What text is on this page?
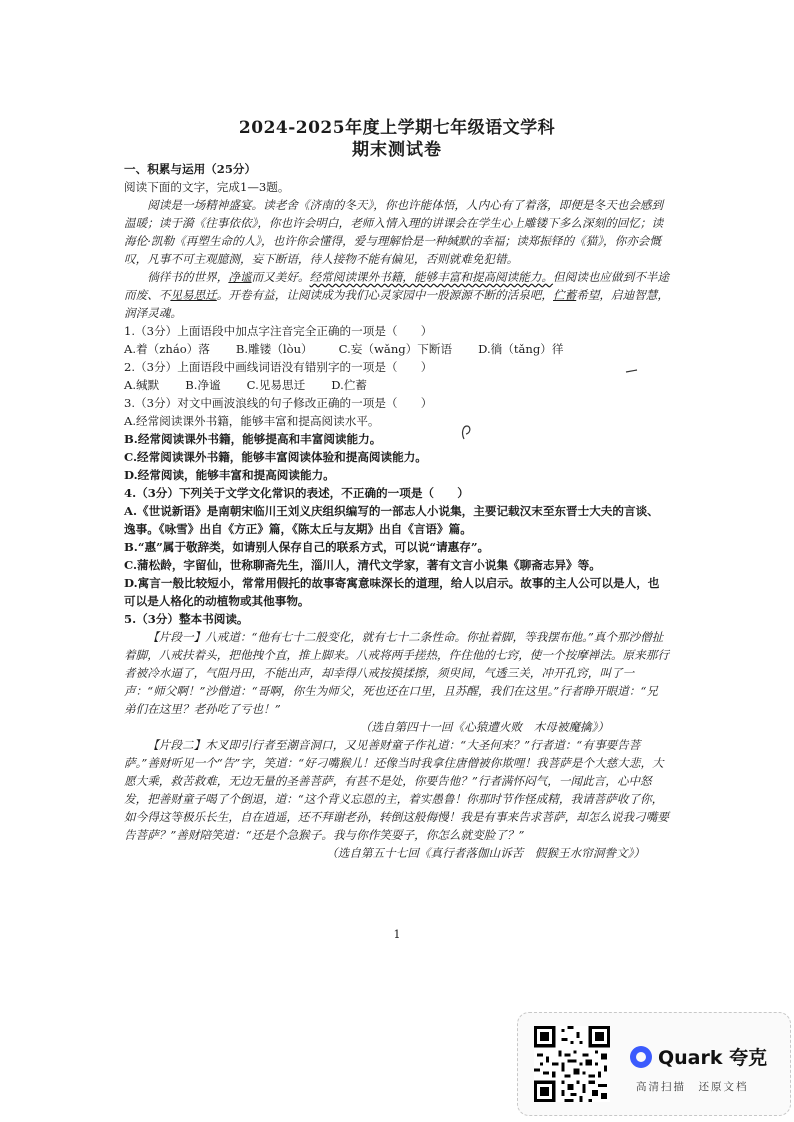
2024-2025年度上学期七年级语文学科
期末测试卷

一、积累与运用（25分）

阅读下面的文字，完成1—3题。

阅读是一场精神盛宴。读老舍《济南的冬天》，你也许能体悟，人内心有了着落，即便是冬天也会感到温暖；读于漪《往事依依》，你也许会明白，老师入情入理的讲课会在学生心上雕镂下多么深刻的回忆；读海伦·凯勒《再塑生命的人》，也许你会懂得，爱与理解恰是一种缄默的幸福；读郑振铎的《猫》，你亦会慨叹，凡事不可主观臆测，妄下断语，待人接物不能有偏见，否则就难免犯错。

徜徉书的世界，净谧而又美好。经常阅读课外书籍，能够丰富和提高阅读能力。但阅读也应做到不半途而废、不见易思迁。开卷有益，让阅读成为我们心灵家园中一股源源不断的活泉吧，伫蓄希望，启迪智慧，润泽灵魂。

1.（3分）上面语段中加点字注音完全正确的一项是（　　）

A.着（zháo）落 B.雕镂（lòu） C.妄（wǎng）下断语 D.徜（tǎng）徉

2.（3分）上面语段中画线词语没有错别字的一项是（　　）

A.缄默 B.净谧 C.见易思迁 D.伫蓄

3.（3分）对文中画波浪线的句子修改正确的一项是（　　）

A.经常阅读课外书籍，能够丰富和提高阅读水平。

B.经常阅读课外书籍，能够提高和丰富阅读能力。

C.经常阅读课外书籍，能够丰富阅读体验和提高阅读能力。

D.经常阅读，能够丰富和提高阅读能力。

4.（3分）下列关于文学文化常识的表述，不正确的一项是（　　）

A.《世说新语》是南朝宋临川王刘义庆组织编写的一部志人小说集，主要记载汉末至东晋士大夫的言谈、逸事。《咏雪》出自《方正》篇，《陈太丘与友期》出自《言语》篇。

B.“惠”属于敬辞类，如请别人保存自己的联系方式，可以说“请惠存”。

C.蒲松龄，字留仙，世称聊斋先生，淄川人，清代文学家，著有文言小说集《聊斋志异》等。

D.寓言一般比较短小，常常用假托的故事寄寓意味深长的道理，给人以启示。故事的主人公可以是人，也可以是人格化的动植物或其他事物。

5.（3分）整本书阅读。

【片段一】八戒道：“他有七十二般变化，就有七十二条性命。你扯着脚，等我摆布他。”真个那沙僧扯着脚，八戒扶着头，把他拽个直，推上脚来。八戒将两手搓热，仵住他的七窍，使一个按摩禅法。原来那行者被冷水逼了，气阻丹田，不能出声，却幸得八戒按摸揉擦，须臾间，气透三关，冲开孔窍，叫了一声：“师父啊！”沙僧道：“哥啊，你生为师父，死也还在口里，且苏醒，我们在这里。”行者睁开眼道：“兄弟们在这里？老孙吃了亏也！”

（选自第四十一回《心猿遭火败　木母被魔擒》）

【片段二】木叉即引行者至潮音洞口，又见善财童子作礼道：“大圣何来？”行者道：“有事要告菩萨。”善财听见一个“告”字，笑道：“好刁嘴猴儿！还像当时我拿住唐僧被你欺哩！我菩萨是个大慈大悲，大愿大乘，救苦救难，无边无量的圣善菩萨，有甚不是处，你要告他？”行者满怀闷气，一闻此言，心中怒发，把善财童子喝了个倒退，道：“这个背义忘恩的主，着实愚鲁！你那时节作怪成精，我请菩萨收了你，如今得这等极乐长生，自在逍遥，还不拜谢老孙，转倒这般侮慢！我是有事来告求菩萨，却怎么说我刁嘴要告菩萨？”善财陪笑道：“还是个急猴子。我与你作笑耍子，你怎么就变脸了？”

（选自第五十七回《真行者落伽山诉苦　假猴王水帘洞誊文》）

1
Quark 夸克
高清扫描　还原文档
